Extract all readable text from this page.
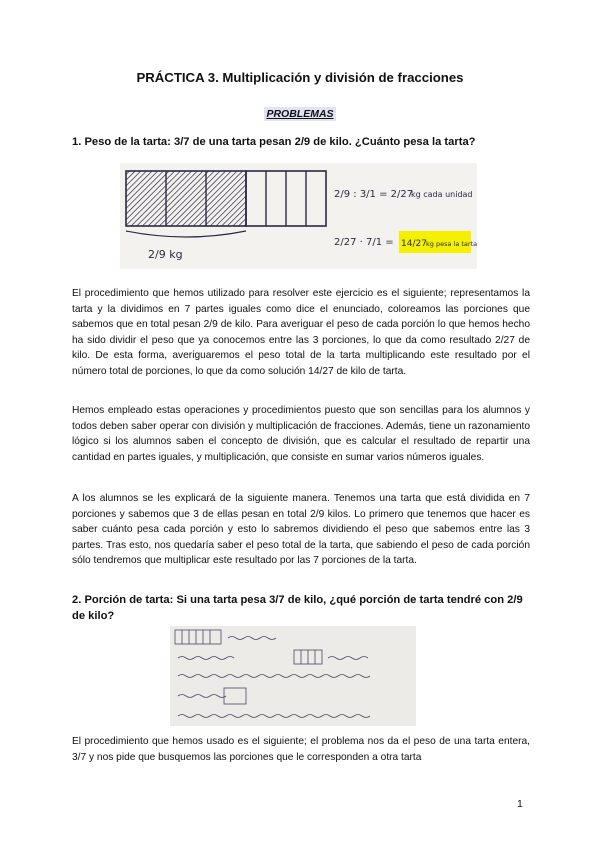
PRÁCTICA 3. Multiplicación y división de fracciones
PROBLEMAS
1. Peso de la tarta: 3/7 de una tarta pesan 2/9 de kilo. ¿Cuánto pesa la tarta?
2/9 kg
2/9 : 3/1 = 2/27
kg cada unidad
2/27 · 7/1 = 14/27 kg pesa la tarta
El procedimiento que hemos utilizado para resolver este ejercicio es el siguiente; representamos la tarta y la dividimos en 7 partes iguales como dice el enunciado, coloreamos las porciones que sabemos que en total pesan 2/9 de kilo. Para averiguar el peso de cada porción lo que hemos hecho ha sido dividir el peso que ya conocemos entre las 3 porciones, lo que da como resultado 2/27 de kilo. De esta forma, averiguaremos el peso total de la tarta multiplicando este resultado por el número total de porciones, lo que da como solución 14/27 de kilo de tarta.
Hemos empleado estas operaciones y procedimientos puesto que son sencillas para los alumnos y todos deben saber operar con división y multiplicación de fracciones. Además, tiene un razonamiento lógico si los alumnos saben el concepto de división, que es calcular el resultado de repartir una cantidad en partes iguales, y multiplicación, que consiste en sumar varios números iguales.
A los alumnos se les explicará de la siguiente manera. Tenemos una tarta que está dividida en 7 porciones y sabemos que 3 de ellas pesan en total 2/9 kilos. Lo primero que tenemos que hacer es saber cuánto pesa cada porción y esto lo sabremos dividiendo el peso que sabemos entre las 3 partes. Tras esto, nos quedaría saber el peso total de la tarta, que sabiendo el peso de cada porción sólo tendremos que multiplicar este resultado por las 7 porciones de la tarta.
2. Porción de tarta: Si una tarta pesa 3/7 de kilo, ¿qué porción de tarta tendré con 2/9 de kilo?
El procedimiento que hemos usado es el siguiente; el problema nos da el peso de una tarta entera, 3/7 y nos pide que busquemos las porciones que le corresponden a otra tarta
1
